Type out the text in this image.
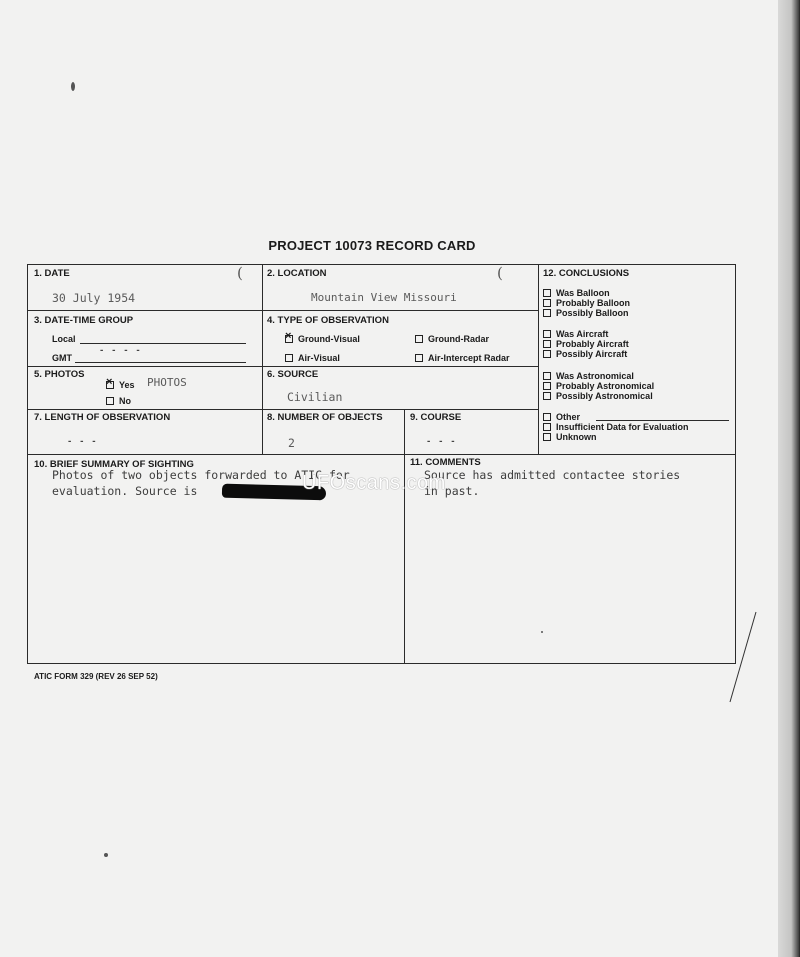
PROJECT 10073 RECORD CARD
1. DATE
30 July 1954
(	2. LOCATION
Mountain View Missouri
(
3. DATE-TIME GROUP
Local
GMT
- - - -
4. TYPE OF OBSERVATION
×Ground-Visual	Ground-Radar
Air-Visual	Air-Intercept Radar
5. PHOTOS
×Yes PHOTOS
No
6. SOURCE
Civilian
7. LENGTH OF OBSERVATION
- - -
8. NUMBER OF OBJECTS
2
9. COURSE
- - -
10. BRIEF SUMMARY OF SIGHTING
Photos of two objects forwarded to ATIC for
evaluation. Source is
11. COMMENTS
Source has admitted contactee stories
in past.
12. CONCLUSIONS
Was Balloon
Probably Balloon
Possibly Balloon
Was Aircraft
Probably Aircraft
Possibly Aircraft
Was Astronomical
Probably Astronomical
Possibly Astronomical
Other
Insufficient Data for Evaluation
Unknown
UFOscans.com
ATIC FORM 329 (REV 26 SEP 52)
